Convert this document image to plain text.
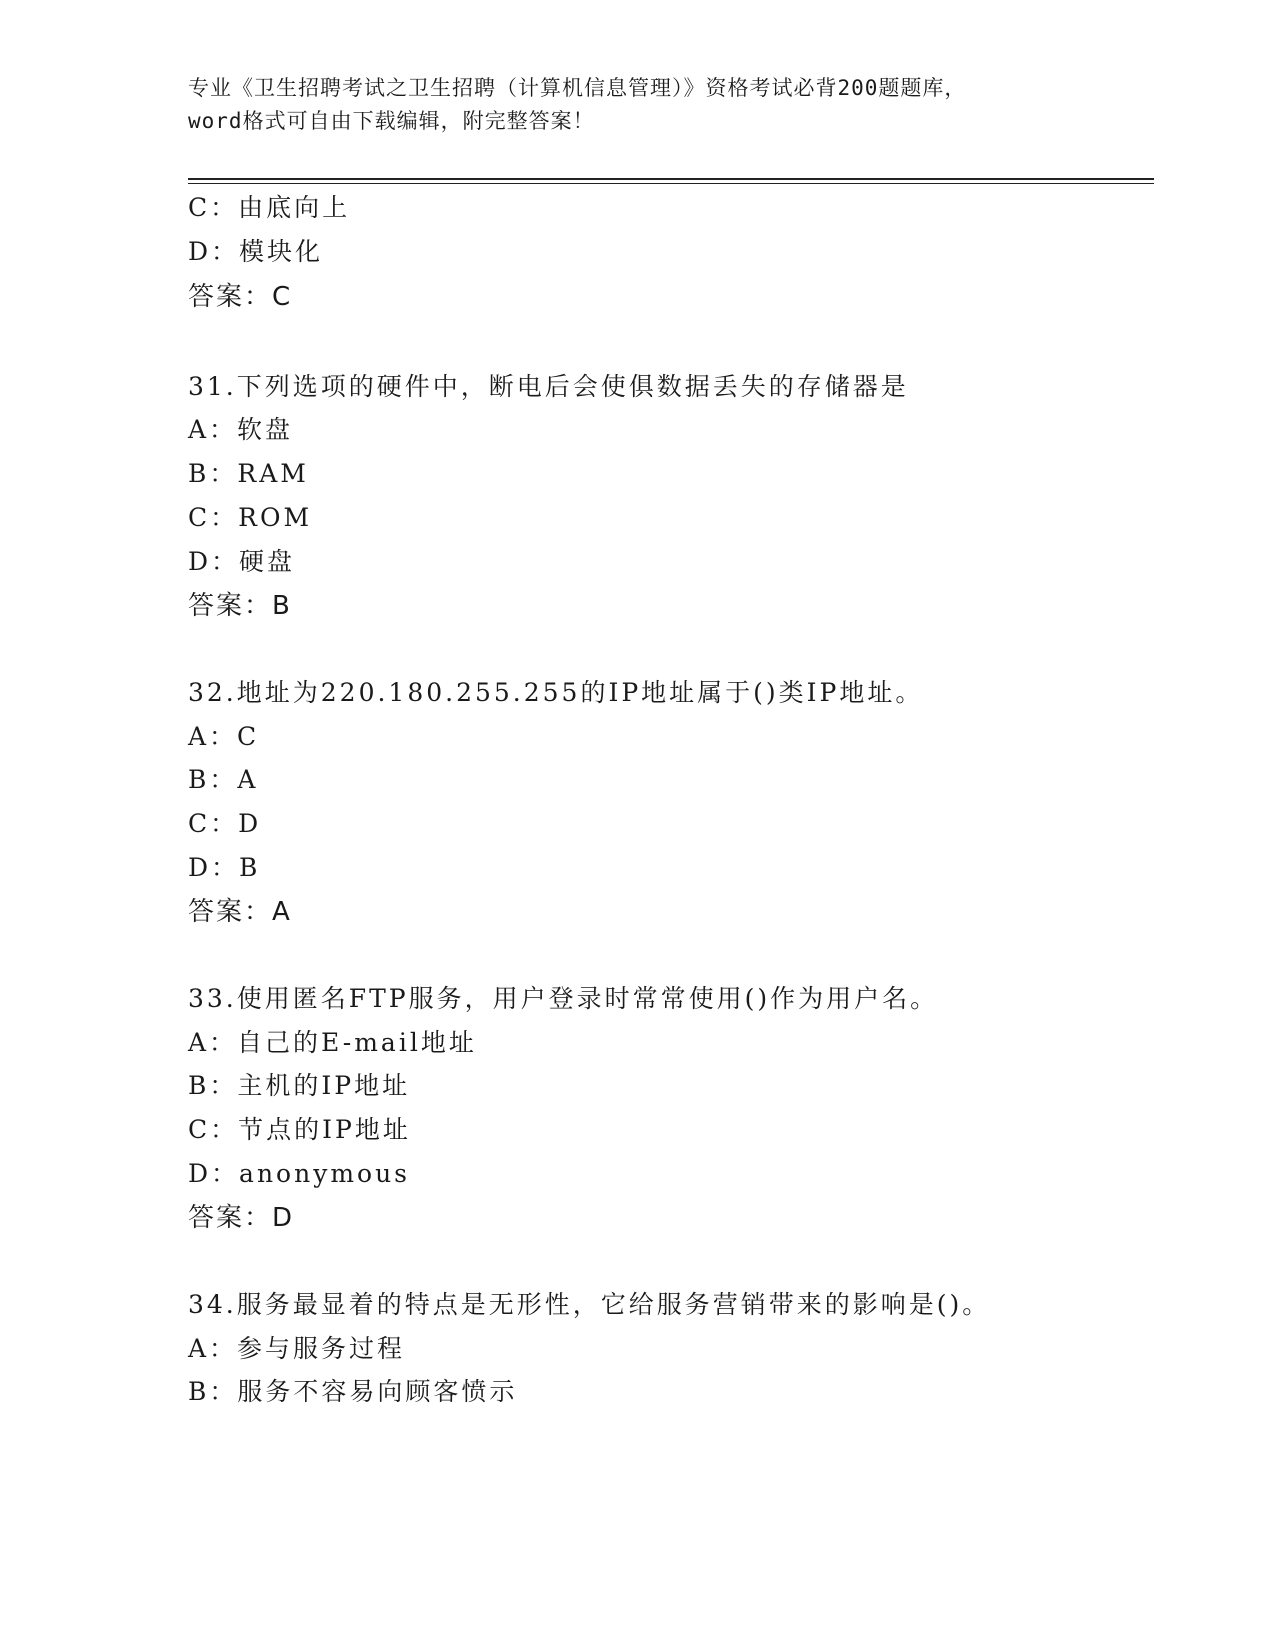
专业《卫生招聘考试之卫生招聘（计算机信息管理）》资格考试必背200题题库，
word格式可自由下载编辑，附完整答案！
C：由底向上
D：模块化
答案：C
31.下列选项的硬件中，断电后会使俱数据丢失的存储器是
A：软盘
B：RAM
C：ROM
D：硬盘
答案：B
32.地址为220.180.255.255的IP地址属于()类IP地址。
A：C
B：A
C：D
D：B
答案：A
33.使用匿名FTP服务，用户登录时常常使用()作为用户名。
A：自己的E-mail地址
B：主机的IP地址
C：节点的IP地址
D：anonymous
答案：D
34.服务最显着的特点是无形性，它给服务营销带来的影响是()。
A：参与服务过程
B：服务不容易向顾客愤示
